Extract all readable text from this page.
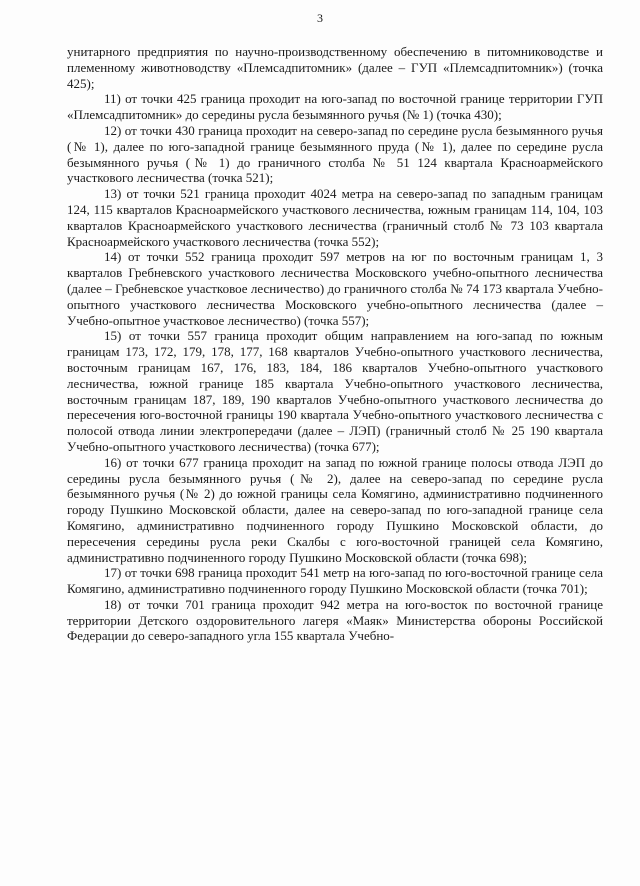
3

унитарного предприятия по научно-производственному обеспечению в питомниководстве и племенному животноводству «Племсадпитомник» (далее – ГУП «Племсадпитомник») (точка 425);

11) от точки 425 граница проходит на юго-запад по восточной границе территории ГУП «Племсадпитомник» до середины русла безымянного ручья (№ 1) (точка 430);

12) от точки 430 граница проходит на северо-запад по середине русла безымянного ручья (№ 1), далее по юго-западной границе безымянного пруда (№ 1), далее по середине русла безымянного ручья (№ 1) до граничного столба № 51 124 квартала Красноармейского участкового лесничества (точка 521);

13) от точки 521 граница проходит 4024 метра на северо-запад по западным границам 124, 115 кварталов Красноармейского участкового лесничества, южным границам 114, 104, 103 кварталов Красноармейского участкового лесничества (граничный столб № 73 103 квартала Красноармейского участкового лесничества (точка 552);

14) от точки 552 граница проходит 597 метров на юг по восточным границам 1, 3 кварталов Гребневского участкового лесничества Московского учебно-опытного лесничества (далее – Гребневское участковое лесничество) до граничного столба № 74 173 квартала Учебно-опытного участкового лесничества Московского учебно-опытного лесничества (далее – Учебно-опытное участковое лесничество) (точка 557);

15) от точки 557 граница проходит общим направлением на юго-запад по южным границам 173, 172, 179, 178, 177, 168 кварталов Учебно-опытного участкового лесничества, восточным границам 167, 176, 183, 184, 186 кварталов Учебно-опытного участкового лесничества, южной границе 185 квартала Учебно-опытного участкового лесничества, восточным границам 187, 189, 190 кварталов Учебно-опытного участкового лесничества до пересечения юго-восточной границы 190 квартала Учебно-опытного участкового лесничества с полосой отвода линии электропередачи (далее – ЛЭП) (граничный столб № 25 190 квартала Учебно-опытного участкового лесничества) (точка 677);

16) от точки 677 граница проходит на запад по южной границе полосы отвода ЛЭП до середины русла безымянного ручья (№ 2), далее на северо-запад по середине русла безымянного ручья (№ 2) до южной границы села Комягино, административно подчиненного городу Пушкино Московской области, далее на северо-запад по юго-западной границе села Комягино, административно подчиненного городу Пушкино Московской области, до пересечения середины русла реки Скалбы с юго-восточной границей села Комягино, административно подчиненного городу Пушкино Московской области (точка 698);

17) от точки 698 граница проходит 541 метр на юго-запад по юго-восточной границе села Комягино, административно подчиненного городу Пушкино Московской области (точка 701);

18) от точки 701 граница проходит 942 метра на юго-восток по восточной границе территории Детского оздоровительного лагеря «Маяк» Министерства обороны Российской Федерации до северо-западного угла 155 квартала Учебно-
